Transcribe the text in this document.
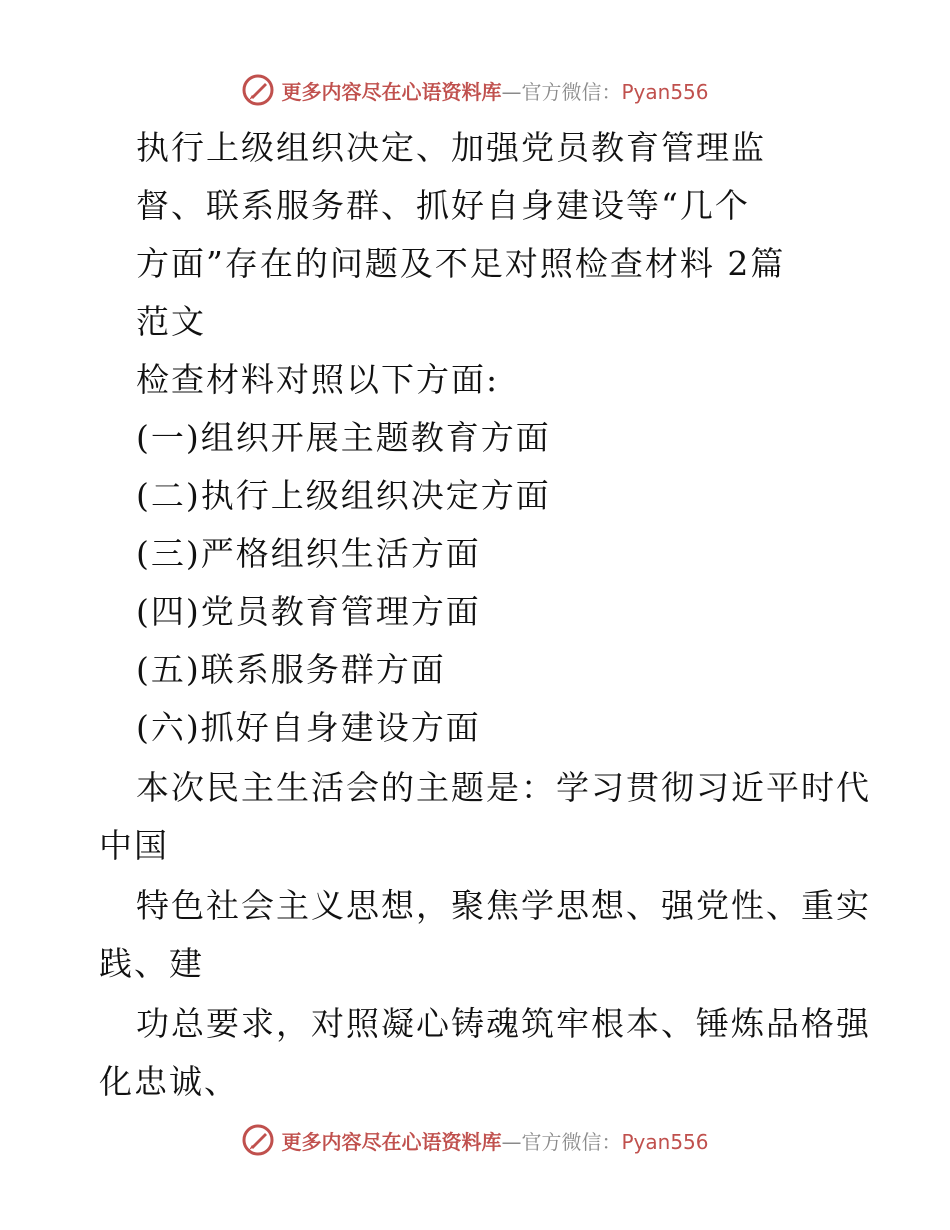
更多内容尽在心语资料库—官方微信：Pyan556
执行上级组织决定、加强党员教育管理监
督、联系服务群、抓好自身建设等“几个
方面”存在的问题及不足对照检查材料 2篇
范文
检查材料对照以下方面:
(一)组织开展主题教育方面
(二)执行上级组织决定方面
(三)严格组织生活方面
(四)党员教育管理方面
(五)联系服务群方面
(六)抓好自身建设方面
本次民主生活会的主题是：学习贯彻习近平时代
中国
特色社会主义思想，聚焦学思想、强党性、重实
践、建
功总要求，对照凝心铸魂筑牢根本、锤炼品格强
化忠诚、
更多内容尽在心语资料库—官方微信：Pyan556
